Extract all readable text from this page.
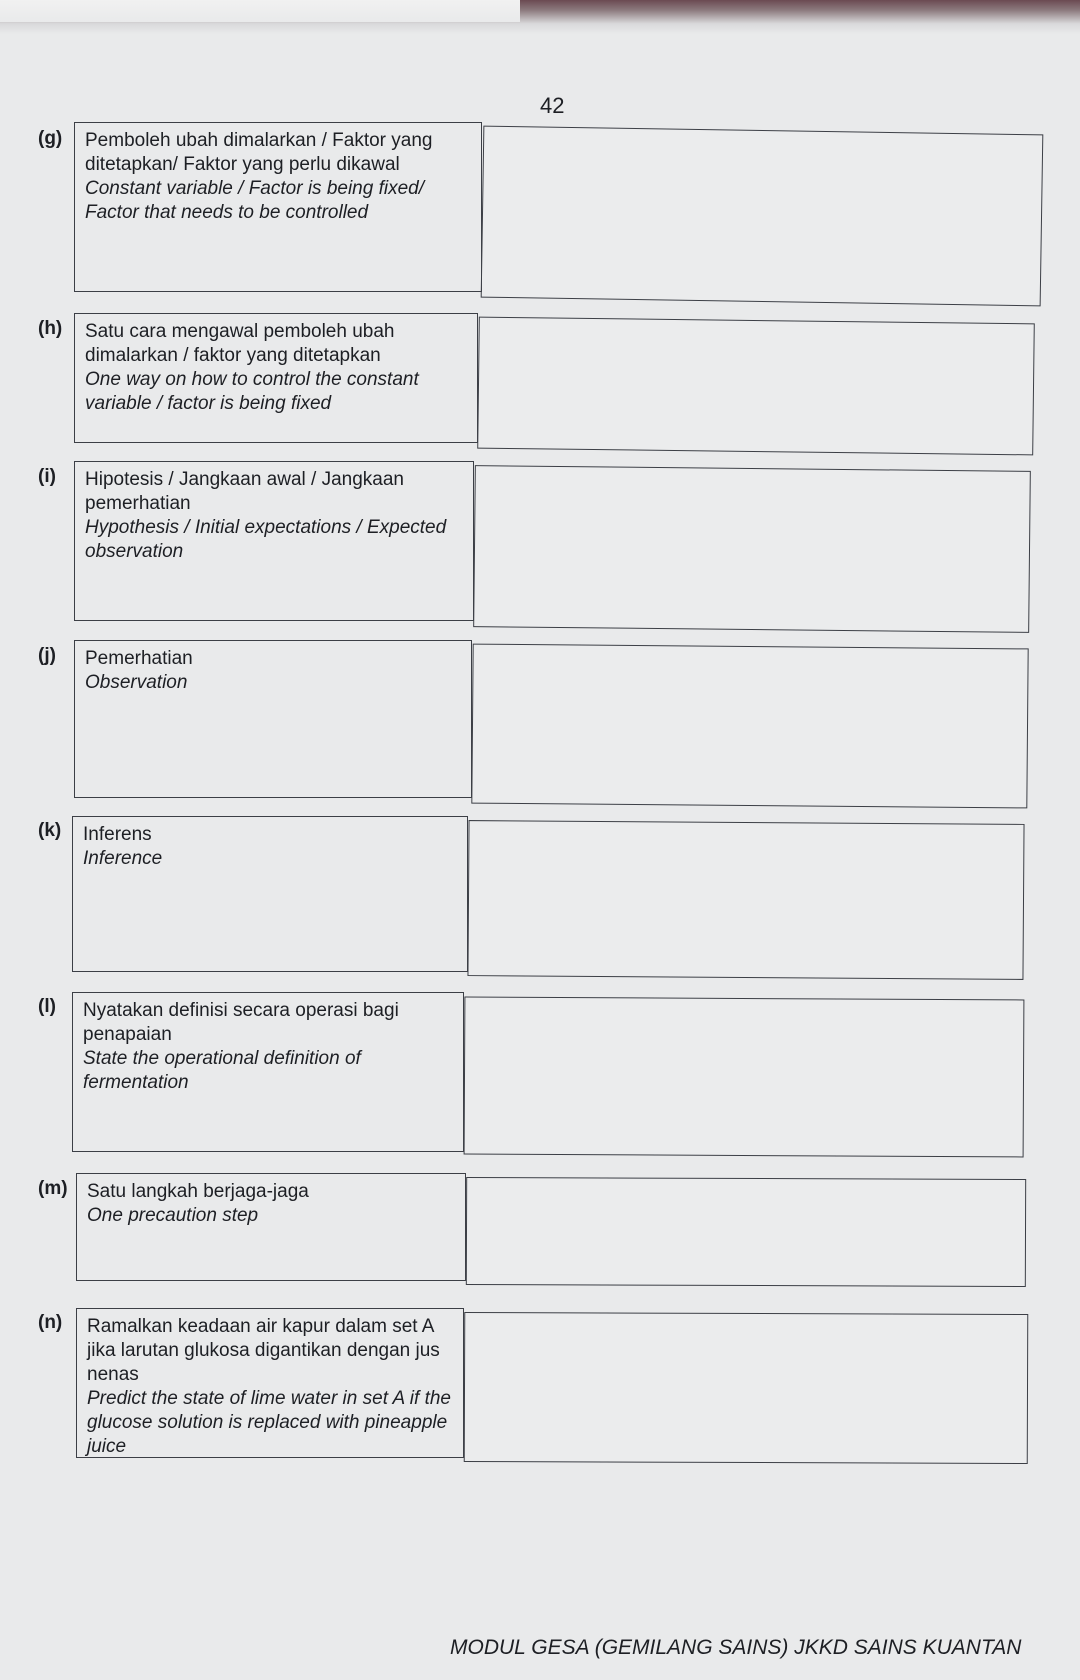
42
(g) Pemboleh ubah dimalarkan / Faktor yang ditetapkan/ Faktor yang perlu dikawal
Constant variable / Factor is being fixed/ Factor that needs to be controlled
(h) Satu cara mengawal pemboleh ubah dimalarkan / faktor yang ditetapkan
One way on how to control the constant variable / factor is being fixed
(i) Hipotesis / Jangkaan awal / Jangkaan pemerhatian
Hypothesis / Initial expectations / Expected observation
(j) Pemerhatian
Observation
(k) Inferens
Inference
(l) Nyatakan definisi secara operasi bagi penapaian
State the operational definition of fermentation
(m) Satu langkah berjaga-jaga
One precaution step
(n) Ramalkan keadaan air kapur dalam set A jika larutan glukosa digantikan dengan jus nenas
Predict the state of lime water in set A if the glucose solution is replaced with pineapple juice
MODUL GESA (GEMILANG SAINS) JKKD SAINS KUANTAN
